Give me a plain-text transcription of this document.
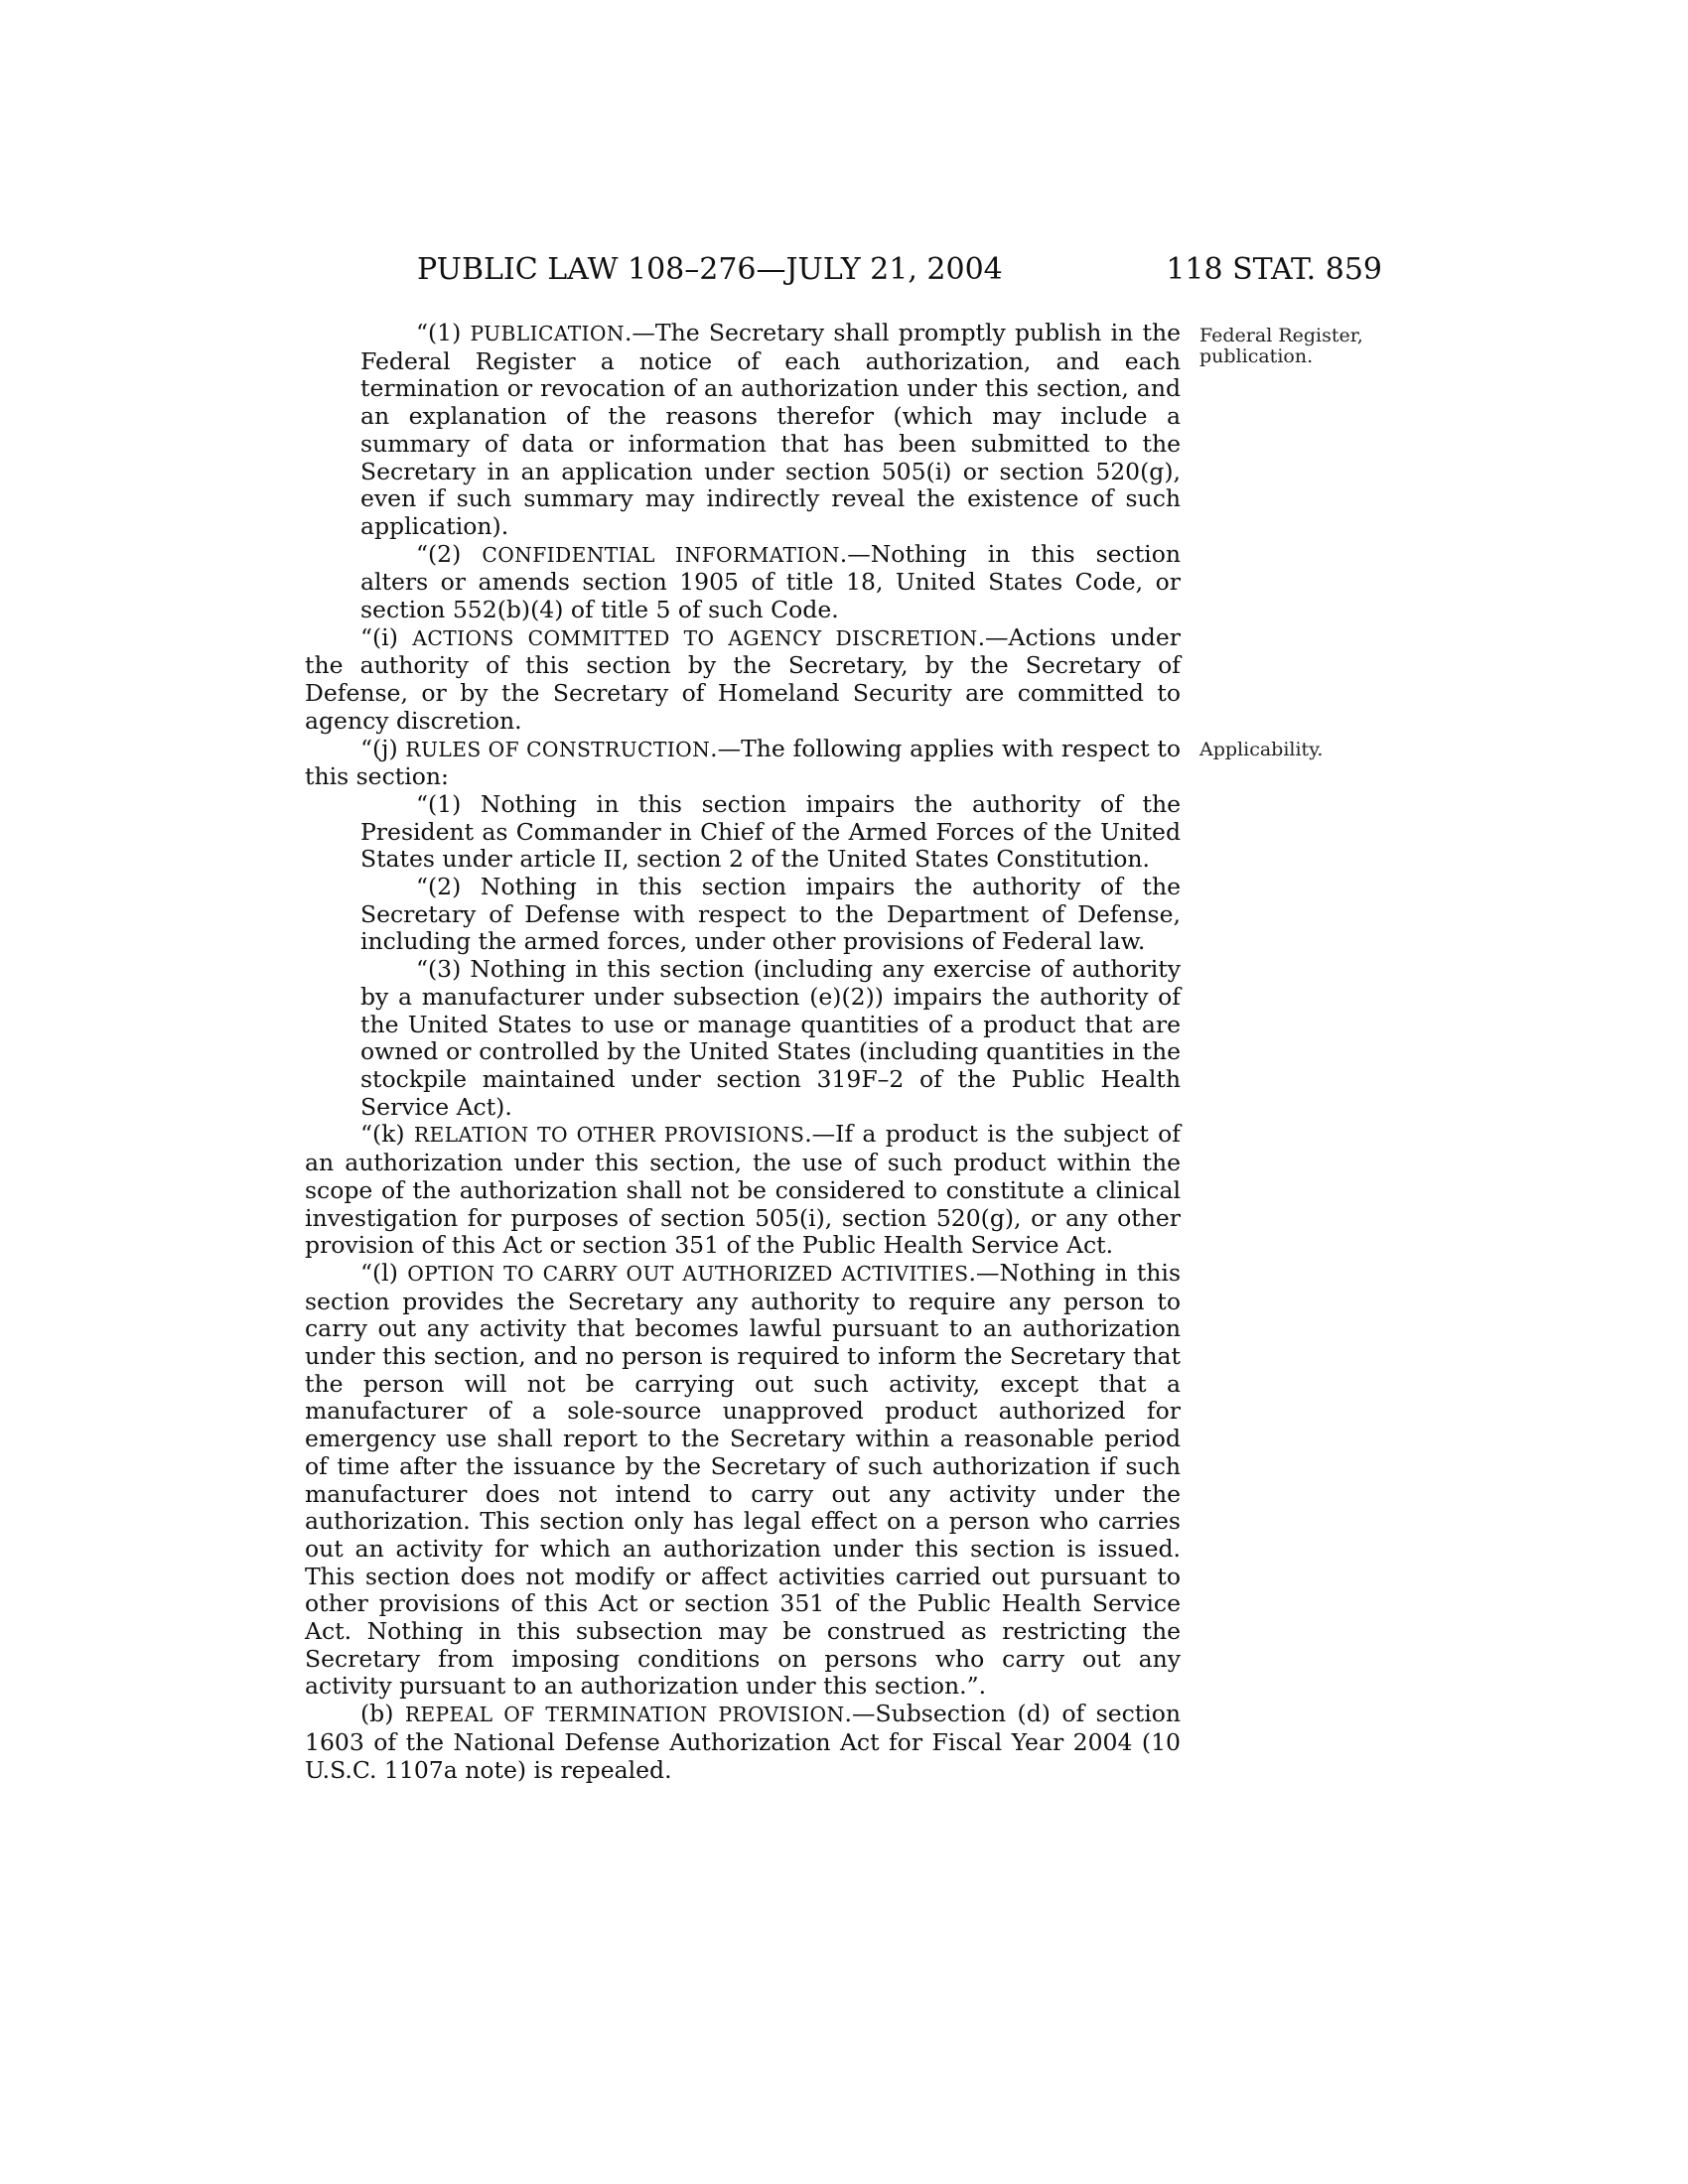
PUBLIC LAW 108–276—JULY 21, 2004	118 STAT. 859
Federal Register, publication.
Applicability.

“(1) PUBLICATION.—The Secretary shall promptly publish in the Federal Register a notice of each authorization, and each termination or revocation of an authorization under this section, and an explanation of the reasons therefor (which may include a summary of data or information that has been submitted to the Secretary in an application under section 505(i) or section 520(g), even if such summary may indirectly reveal the existence of such application).

“(2) CONFIDENTIAL INFORMATION.—Nothing in this section alters or amends section 1905 of title 18, United States Code, or section 552(b)(4) of title 5 of such Code.

“(i) ACTIONS COMMITTED TO AGENCY DISCRETION.—Actions under the authority of this section by the Secretary, by the Secretary of Defense, or by the Secretary of Homeland Security are committed to agency discretion.

“(j) RULES OF CONSTRUCTION.—The following applies with respect to this section:

“(1) Nothing in this section impairs the authority of the President as Commander in Chief of the Armed Forces of the United States under article II, section 2 of the United States Constitution.

“(2) Nothing in this section impairs the authority of the Secretary of Defense with respect to the Department of Defense, including the armed forces, under other provisions of Federal law.

“(3) Nothing in this section (including any exercise of authority by a manufacturer under subsection (e)(2)) impairs the authority of the United States to use or manage quantities of a product that are owned or controlled by the United States (including quantities in the stockpile maintained under section 319F–2 of the Public Health Service Act).

“(k) RELATION TO OTHER PROVISIONS.—If a product is the subject of an authorization under this section, the use of such product within the scope of the authorization shall not be considered to constitute a clinical investigation for purposes of section 505(i), section 520(g), or any other provision of this Act or section 351 of the Public Health Service Act.

“(l) OPTION TO CARRY OUT AUTHORIZED ACTIVITIES.—Nothing in this section provides the Secretary any authority to require any person to carry out any activity that becomes lawful pursuant to an authorization under this section, and no person is required to inform the Secretary that the person will not be carrying out such activity, except that a manufacturer of a sole-source unapproved product authorized for emergency use shall report to the Secretary within a reasonable period of time after the issuance by the Secretary of such authorization if such manufacturer does not intend to carry out any activity under the authorization. This section only has legal effect on a person who carries out an activity for which an authorization under this section is issued. This section does not modify or affect activities carried out pursuant to other provisions of this Act or section 351 of the Public Health Service Act. Nothing in this subsection may be construed as restricting the Secretary from imposing conditions on persons who carry out any activity pursuant to an authorization under this section.”.

(b) REPEAL OF TERMINATION PROVISION.—Subsection (d) of section 1603 of the National Defense Authorization Act for Fiscal Year 2004 (10 U.S.C. 1107a note) is repealed.
